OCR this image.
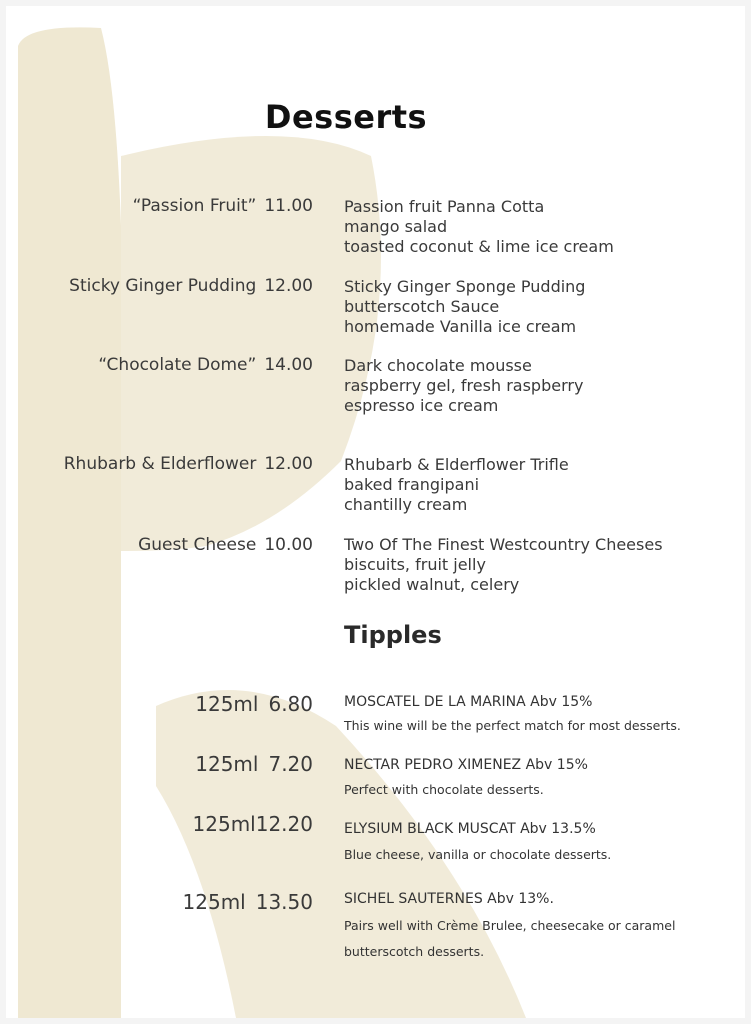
Desserts
“Passion Fruit” 11.00 Passion fruit Panna Cotta
mango salad
toasted coconut & lime ice cream
Sticky Ginger Pudding 12.00 Sticky Ginger Sponge Pudding
butterscotch Sauce
homemade Vanilla ice cream
“Chocolate Dome” 14.00 Dark chocolate mousse
raspberry gel, fresh raspberry
espresso ice cream
Rhubarb & Elderflower 12.00 Rhubarb & Elderflower Trifle
baked frangipani
chantilly cream
Guest Cheese 10.00 Two Of The Finest Westcountry Cheeses
biscuits, fruit jelly
pickled walnut, celery
Tipples
125ml 6.80 MOSCATEL DE LA MARINA Abv 15%
This wine will be the perfect match for most desserts.
125ml 7.20 NECTAR PEDRO XIMENEZ Abv 15%
Perfect with chocolate desserts.
125ml12.20 ELYSIUM BLACK MUSCAT Abv 13.5%
Blue cheese, vanilla or chocolate desserts.
125ml 13.50 SICHEL SAUTERNES Abv 13%.
Pairs well with Crème Brulee, cheesecake or caramel
butterscotch desserts.
